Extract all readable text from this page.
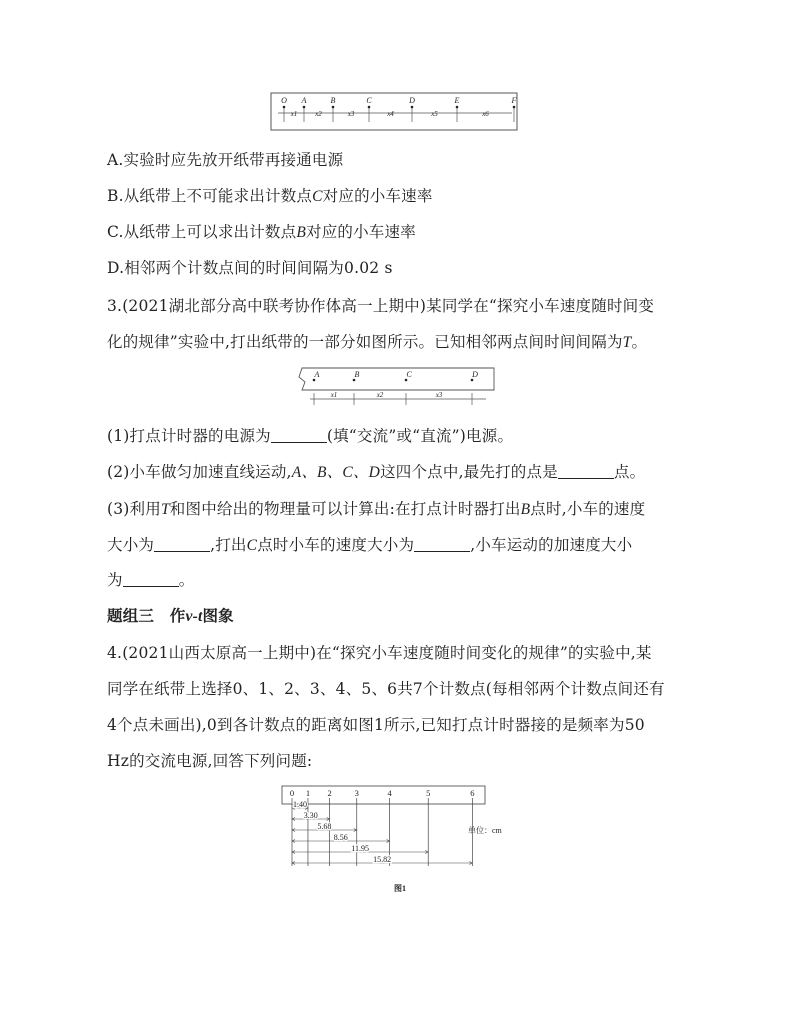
O A	B	C	D	E	F
x1	x2	x3	x4	x5	x6
A.实验时应先放开纸带再接通电源
B.从纸带上不可能求出计数点C对应的小车速率
C.从纸带上可以求出计数点B对应的小车速率
D.相邻两个计数点间的时间间隔为0.02 s
3.(2021湖北部分高中联考协作体高一上期中)某同学在“探究小车速度随时间变
化的规律”实验中,打出纸带的一部分如图所示。已知相邻两点间时间间隔为T。
A	B	C	D
x1	x2	x3
(1)打点计时器的电源为	(填“交流”或“直流”)电源。
(2)小车做匀加速直线运动,A、B、C、D这四个点中,最先打的点是	点。
(3)利用T和图中给出的物理量可以计算出:在打点计时器打出B点时,小车的速度
大小为	,打出C点时小车的速度大小为	,小车运动的加速度大小
为	。
题组三　作v-t图象
4.(2021山西太原高一上期中)在“探究小车速度随时间变化的规律”的实验中,某
同学在纸带上选择0、1、2、3、4、5、6共7个计数点(每相邻两个计数点间还有
4个点未画出),0到各计数点的距离如图1所示,已知打点计时器接的是频率为50
Hz的交流电源,回答下列问题:
单位：cm
图1
0 1 2	3	4	5	6
1.40
3.30
5.68
8.56
11.95
15.82
